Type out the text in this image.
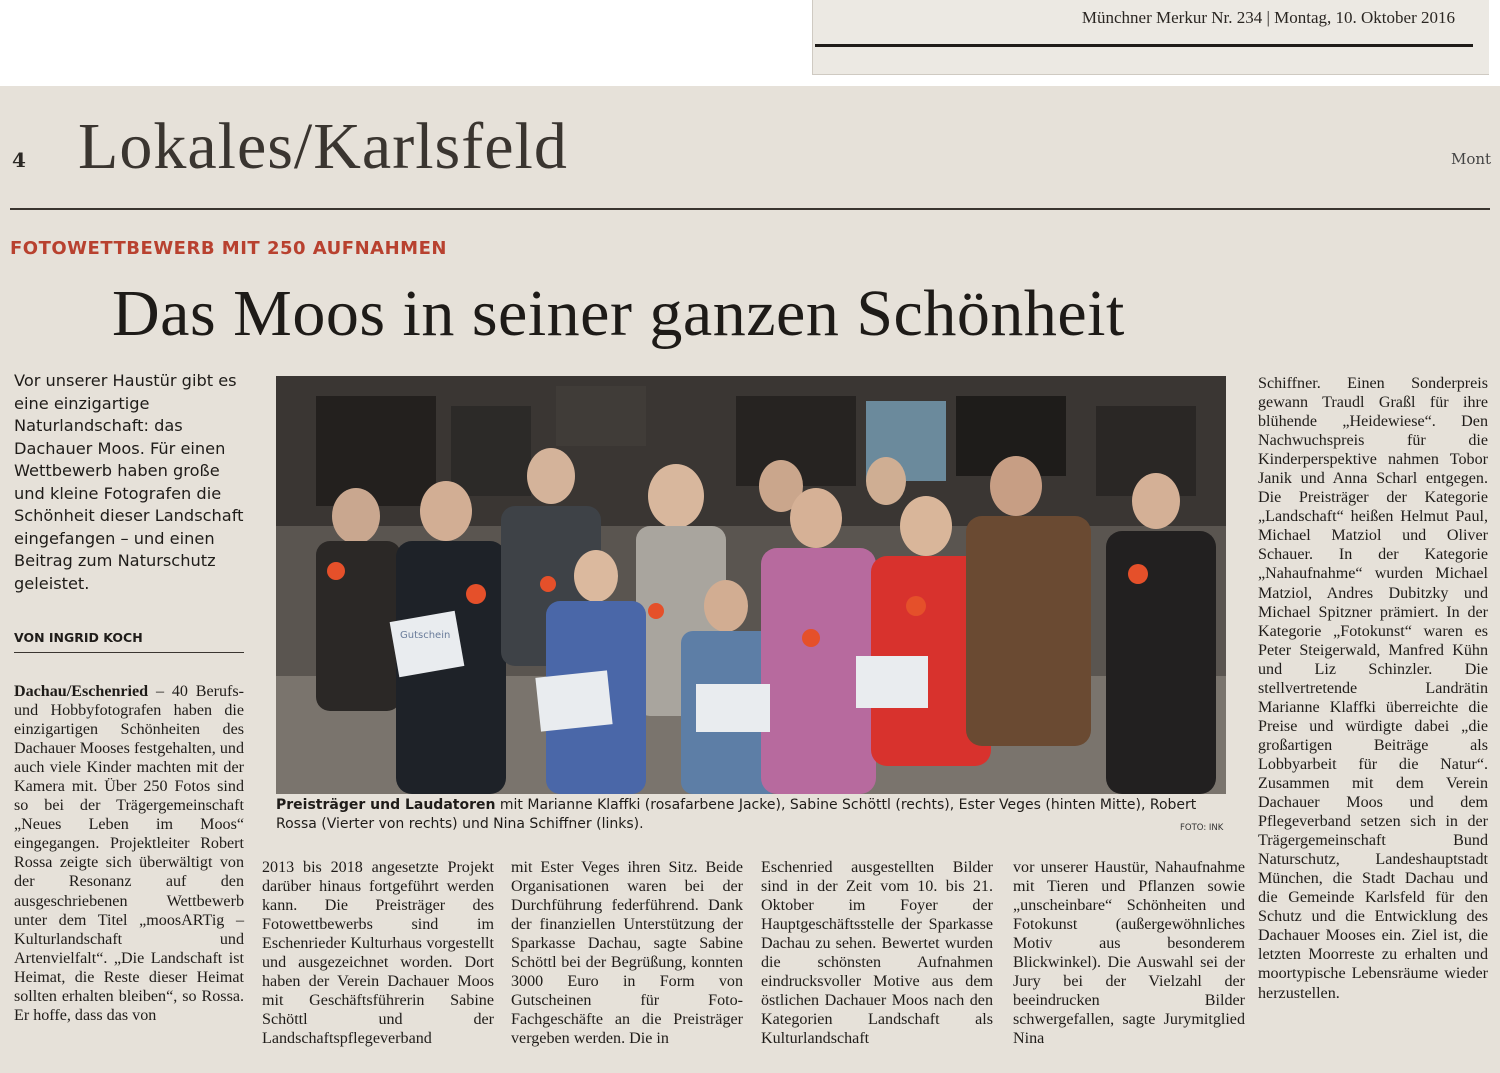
Münchner Merkur Nr. 234 | Montag, 10. Oktober 2016
4 Lokales/Karlsfeld	Mont
FOTOWETTBEWERB MIT 250 AUFNAHMEN
Das Moos in seiner ganzen Schönheit

Vor unserer Haustür gibt es eine einzigartige Naturlandschaft: das Dachauer Moos. Für einen Wettbewerb haben große und kleine Fotografen die Schönheit dieser Landschaft eingefangen – und einen Beitrag zum Naturschutz geleistet.

VON INGRID KOCH

Dachau/Eschenried – 40 Berufs- und Hobbyfotografen haben die einzigartigen Schönheiten des Dachauer Mooses festgehalten, und auch viele Kinder machten mit der Kamera mit. Über 250 Fotos sind so bei der Trägergemeinschaft „Neues Leben im Moos“ eingegangen. Projektleiter Robert Rossa zeigte sich überwältigt von der Resonanz auf den ausgeschriebenen Wettbewerb unter dem Titel „moosARTig – Kulturlandschaft und Artenvielfalt“. „Die Landschaft ist Heimat, die Reste dieser Heimat sollten erhalten bleiben“, so Rossa. Er hoffe, dass das von

Gutschein

Preisträger und Laudatoren mit Marianne Klaffki (rosafarbene Jacke), Sabine Schöttl (rechts), Ester Veges (hinten Mitte), Robert Rossa (Vierter von rechts) und Nina Schiffner (links).	FOTO: INK

2013 bis 2018 angesetzte Projekt darüber hinaus fortgeführt werden kann. Die Preisträger des Fotowettbewerbs sind im Eschenrieder Kulturhaus vorgestellt und ausgezeichnet worden. Dort haben der Verein Dachauer Moos mit Geschäftsführerin Sabine Schöttl und der Landschaftspflegeverband

mit Ester Veges ihren Sitz. Beide Organisationen waren bei der Durchführung federführend. Dank der finanziellen Unterstützung der Sparkasse Dachau, sagte Sabine Schöttl bei der Begrüßung, konnten 3000 Euro in Form von Gutscheinen für Foto-Fachgeschäfte an die Preisträger vergeben werden. Die in

Eschenried ausgestellten Bilder sind in der Zeit vom 10. bis 21. Oktober im Foyer der Hauptgeschäftsstelle der Sparkasse Dachau zu sehen. Bewertet wurden die schönsten Aufnahmen eindrucksvoller Motive aus dem östlichen Dachauer Moos nach den Kategorien Landschaft als Kulturlandschaft

vor unserer Haustür, Nahaufnahme mit Tieren und Pflanzen sowie „unscheinbare“ Schönheiten und Fotokunst (außergewöhnliches Motiv aus besonderem Blickwinkel). Die Auswahl sei der Jury bei der Vielzahl der beeindrucken Bilder schwergefallen, sagte Jurymitglied Nina

Schiffner. Einen Sonderpreis gewann Traudl Graßl für ihre blühende „Heidewiese“. Den Nachwuchspreis für die Kinderperspektive nahmen Tobor Janik und Anna Scharl entgegen. Die Preisträger der Kategorie „Landschaft“ heißen Helmut Paul, Michael Matziol und Oliver Schauer. In der Kategorie „Nahaufnahme“ wurden Michael Matziol, Andres Dubitzky und Michael Spitzner prämiert. In der Kategorie „Fotokunst“ waren es Peter Steigerwald, Manfred Kühn und Liz Schinzler. Die stellvertretende Landrätin Marianne Klaffki überreichte die Preise und würdigte dabei „die großartigen Beiträge als Lobbyarbeit für die Natur“. Zusammen mit dem Verein Dachauer Moos und dem Pflegeverband setzen sich in der Trägergemeinschaft Bund Naturschutz, Landeshauptstadt München, die Stadt Dachau und die Gemeinde Karlsfeld für den Schutz und die Entwicklung des Dachauer Mooses ein. Ziel ist, die letzten Moorreste zu erhalten und moortypische Lebensräume wieder herzustellen.
